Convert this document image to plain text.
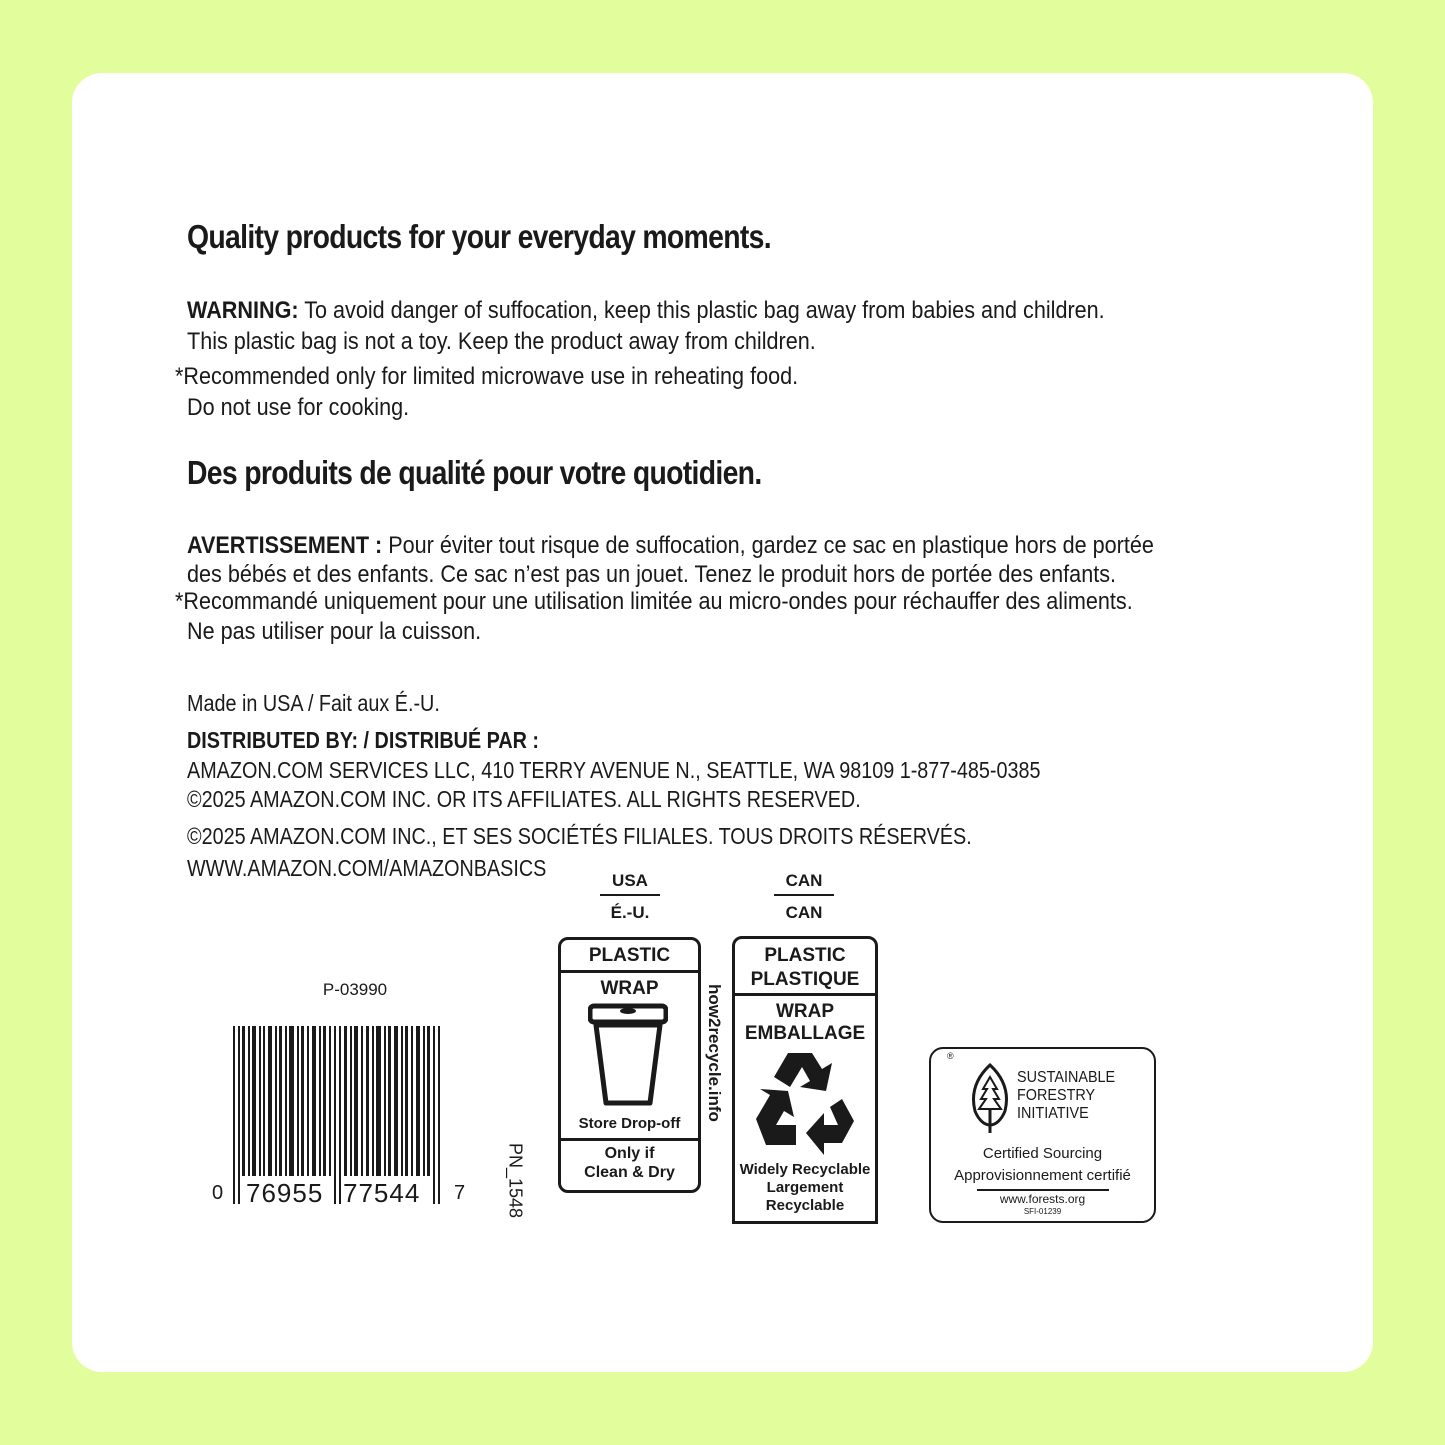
Quality products for your everyday moments.
WARNING: To avoid danger of suffocation, keep this plastic bag away from babies and children.
This plastic bag is not a toy. Keep the product away from children.
*Recommended only for limited microwave use in reheating food.
Do not use for cooking.
Des produits de qualité pour votre quotidien.
AVERTISSEMENT : Pour éviter tout risque de suffocation, gardez ce sac en plastique hors de portée
des bébés et des enfants. Ce sac n’est pas un jouet. Tenez le produit hors de portée des enfants.
*Recommandé uniquement pour une utilisation limitée au micro-ondes pour réchauffer des aliments.
Ne pas utiliser pour la cuisson.
Made in USA / Fait aux É.-U.
DISTRIBUTED BY: / DISTRIBUÉ PAR :
AMAZON.COM SERVICES LLC, 410 TERRY AVENUE N., SEATTLE, WA 98109 1-877-485-0385
©2025 AMAZON.COM INC. OR ITS AFFILIATES. ALL RIGHTS RESERVED.
©2025 AMAZON.COM INC., ET SES SOCIÉTÉS FILIALES. TOUS DROITS RÉSERVÉS.
WWW.AMAZON.COM/AMAZONBASICS
P-03990
0 76955 77544 7 PN_1548
USA
É.-U.
PLASTIC
WRAP
Store Drop-off
Only if
Clean & Dry
how2recycle.info
CAN
CAN
PLASTIC
PLASTIQUE
WRAP
EMBALLAGE
Widely Recyclable
Largement
Recyclable
®
SUSTAINABLE
FORESTRY
INITIATIVE
Certified Sourcing
Approvisionnement certifié
www.forests.org
SFI-01239
